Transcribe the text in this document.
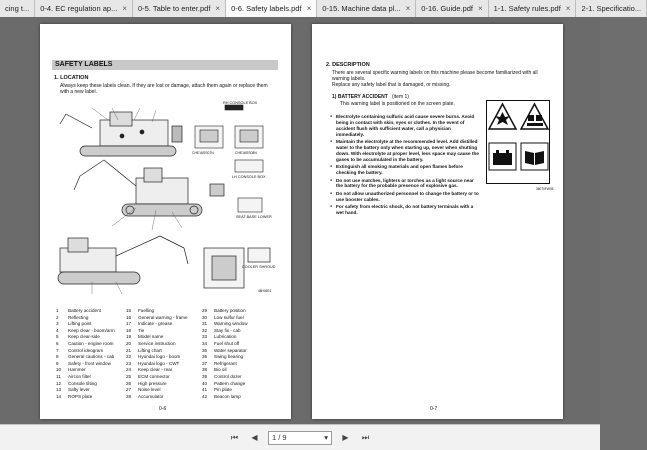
cing t... 0-4. EC regulation ap... × 0-5. Table to enter.pdf × 0-6. Safety labels.pdf × 0-15. Machine data pl... × 0-16. Guide.pdf × 1-1. Safety rules.pdf × 2-1. Specificatio...
SAFETY LABELS
1. LOCATION
Always keep these labels clean. If they are lost or damage, attach them again or replace them with a new label.
RH CONSOLE BOX
CHE16SS07N	CHE16SS08N
LH CONSOLE BOX
SEAT BASE LOWER
COOLER SHROUD
48H06S1
1	Battery accident
2	Reflecting
3	Lifting point
4	Keep clear - boom/arm
5	Keep clear-side
6	Caution - engine room
7	Control ideogram
8	General cautions - cab
9	Safety - front window
10	Hammer
11	Aircon filter
12	Console tilting
13	Safty lever
14	ROPS plate
15	Fuelling
16	General warning - frame
17	Indicate - grease
18	Tie
19	Model name
20	Service instruction
21	Lifting chart
22	Hyundai logo - boom
23	Hyundai logo - CWT
24	Keep clear - rear
25	ECM connector
26	High pressure
27	Noise level
28	Accumulator
29	Battery position
30	Low sulfur fuel
31	Warning window
32	Stay fix - cab
33	Lubrication
34	Fuel shut off
35	Water separator
36	Swing bearing
37	Refrigerant
38	Bio oil
39	Control dozer
40	Pattern change
41	Pin plate
42	Beacon lamp
0-6
2. DESCRIPTION
There are several specific warning labels on this machine please become familiarized with all warning labels.
Replace any safety label that is damaged, or missing.
1) BATTERY ACCIDENT (item 1)
This warning label is positioned on the screen plate.
● Electrolyte containing sulfuric acid cause severe burns. Avoid being in contact with skin, eyes or clothes. In the event of accident flush with sufficient water, call a physician immediately.
● Maintain the electrolyte at the recommended level. Add distilled water to the battery only when starting up, never when shutting down. With electrolyte at proper level, less space may cause the gases to be accumulated in the battery.
● Extinguish all smoking materials and open flames before checking the battery.
● Do not use matches, lighters or torches as a light source near the battery for the probable presence of explosive gas.
● Do not allow unauthorized personnel to change the battery or to use booster cables.
● For safety from electric shock, do not battery terminals with a wet hand.
36070FW05
0-7
⏮	◀	1 / 9	▾	▶	⏭
